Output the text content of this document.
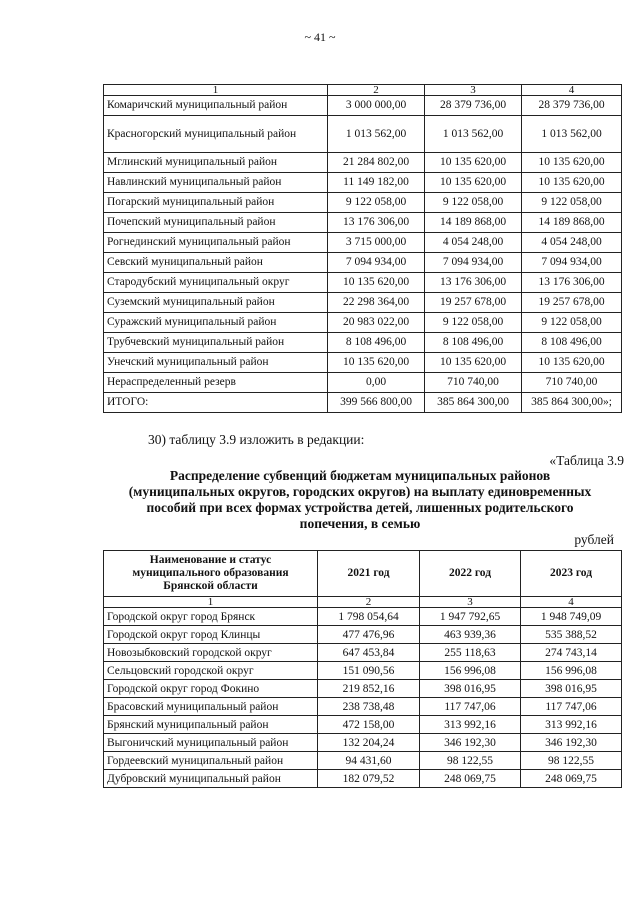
~ 41 ~
1	2	3	4
Комаричский муниципальный район	3 000 000,00	28 379 736,00	28 379 736,00
Красногорский муниципальный район	1 013 562,00	1 013 562,00	1 013 562,00
Мглинский муниципальный район	21 284 802,00	10 135 620,00	10 135 620,00
Навлинский муниципальный район	11 149 182,00	10 135 620,00	10 135 620,00
Погарский муниципальный район	9 122 058,00	9 122 058,00	9 122 058,00
Почепский муниципальный район	13 176 306,00	14 189 868,00	14 189 868,00
Рогнединский муниципальный район	3 715 000,00	4 054 248,00	4 054 248,00
Севский муниципальный район	7 094 934,00	7 094 934,00	7 094 934,00
Стародубский муниципальный округ	10 135 620,00	13 176 306,00	13 176 306,00
Суземский муниципальный район	22 298 364,00	19 257 678,00	19 257 678,00
Суражский муниципальный район	20 983 022,00	9 122 058,00	9 122 058,00
Трубчевский муниципальный район	8 108 496,00	8 108 496,00	8 108 496,00
Унечский муниципальный район	10 135 620,00	10 135 620,00	10 135 620,00
Нераспределенный резерв	0,00	710 740,00	710 740,00
ИТОГО:	399 566 800,00	385 864 300,00	385 864 300,00»;
30) таблицу 3.9 изложить в редакции:
«Таблица 3.9
Распределение субвенций бюджетам муниципальных районов (муниципальных округов, городских округов) на выплату единовременных пособий при всех формах устройства детей, лишенных родительского попечения, в семью
рублей
Наименование и статус муниципального образования Брянской области	2021 год	2022 год	2023 год
1	2	3	4
Городской округ город Брянск	1 798 054,64	1 947 792,65	1 948 749,09
Городской округ город Клинцы	477 476,96	463 939,36	535 388,52
Новозыбковский городской округ	647 453,84	255 118,63	274 743,14
Сельцовский городской округ	151 090,56	156 996,08	156 996,08
Городской округ город Фокино	219 852,16	398 016,95	398 016,95
Брасовский муниципальный район	238 738,48	117 747,06	117 747,06
Брянский муниципальный район	472 158,00	313 992,16	313 992,16
Выгоничский муниципальный район	132 204,24	346 192,30	346 192,30
Гордеевский муниципальный район	94 431,60	98 122,55	98 122,55
Дубровский муниципальный район	182 079,52	248 069,75	248 069,75
